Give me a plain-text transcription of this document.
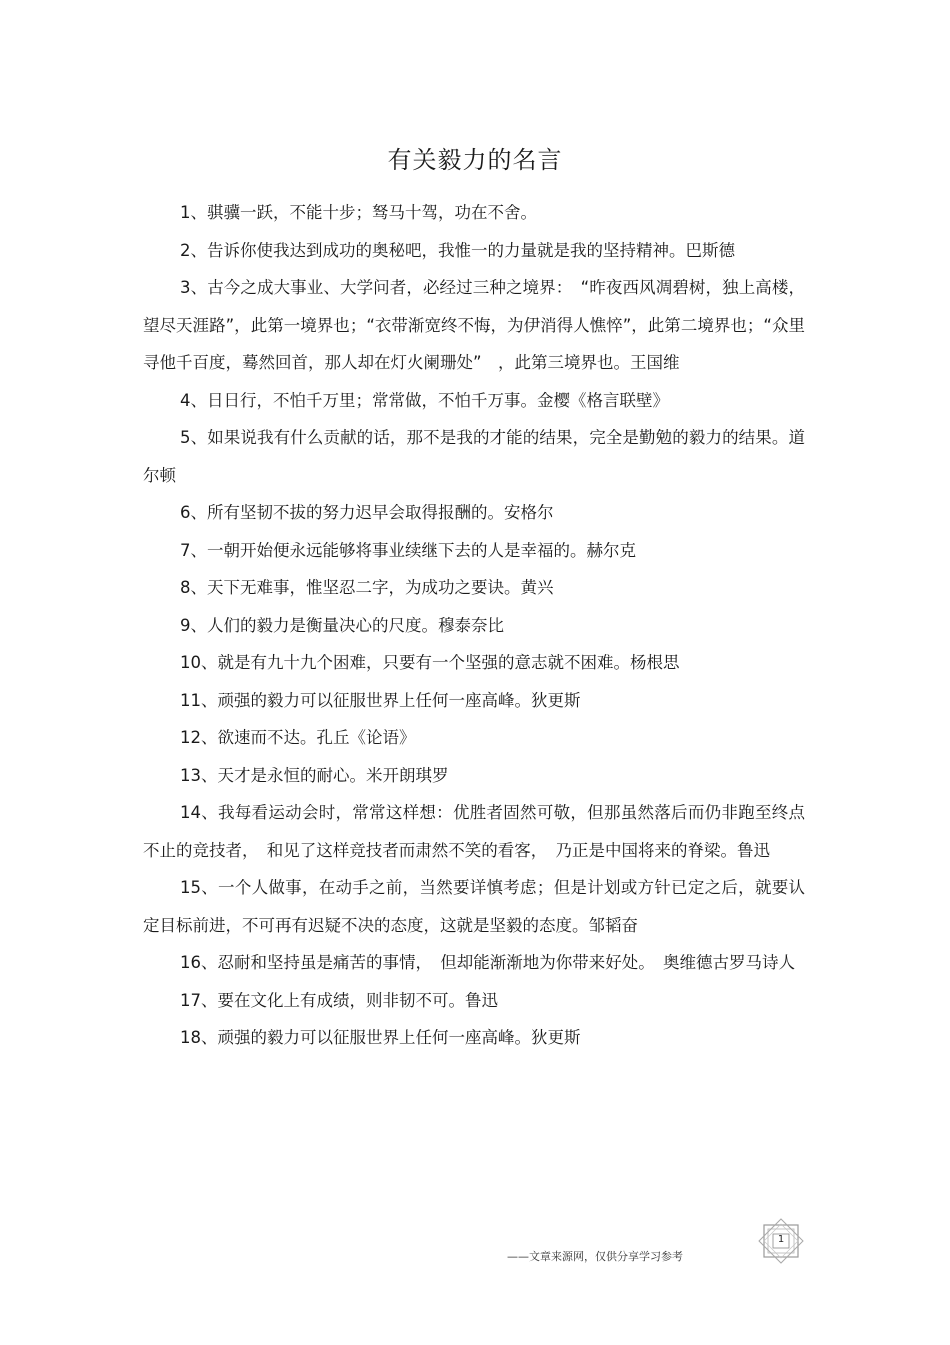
有关毅力的名言

1、骐骥一跃，不能十步；驽马十驾，功在不舍。

2、告诉你使我达到成功的奥秘吧，我惟一的力量就是我的坚持精神。巴斯德

3、古今之成大事业、大学问者，必经过三种之境界：　“昨夜西风凋碧树，独上高楼，望尽天涯路”，此第一境界也；“衣带渐宽终不悔，为伊消得人憔悴”，此第二境界也；“众里寻他千百度，蓦然回首，那人却在灯火阑珊处”　，此第三境界也。王国维

4、日日行，不怕千万里；常常做，不怕千万事。金樱《格言联壁》

5、如果说我有什么贡献的话，那不是我的才能的结果，完全是勤勉的毅力的结果。道尔顿

6、所有坚韧不拔的努力迟早会取得报酬的。安格尔

7、一朝开始便永远能够将事业续继下去的人是幸福的。赫尔克

8、天下无难事，惟坚忍二字，为成功之要诀。黄兴

9、人们的毅力是衡量决心的尺度。穆泰奈比

10、就是有九十九个困难，只要有一个坚强的意志就不困难。杨根思

11、顽强的毅力可以征服世界上任何一座高峰。狄更斯

12、欲速而不达。孔丘《论语》

13、天才是永恒的耐心。米开朗琪罗

14、我每看运动会时，常常这样想：优胜者固然可敬，但那虽然落后而仍非跑至终点不止的竞技者，　和见了这样竞技者而肃然不笑的看客，　乃正是中国将来的脊梁。鲁迅

15、一个人做事，在动手之前，当然要详慎考虑；但是计划或方针已定之后，就要认定目标前进，不可再有迟疑不决的态度，这就是坚毅的态度。邹韬奋

16、忍耐和坚持虽是痛苦的事情，　但却能渐渐地为你带来好处。　奥维德古罗马诗人

17、要在文化上有成绩，则非韧不可。鲁迅

18、顽强的毅力可以征服世界上任何一座高峰。狄更斯

——文章来源网，仅供分享学习参考
1
